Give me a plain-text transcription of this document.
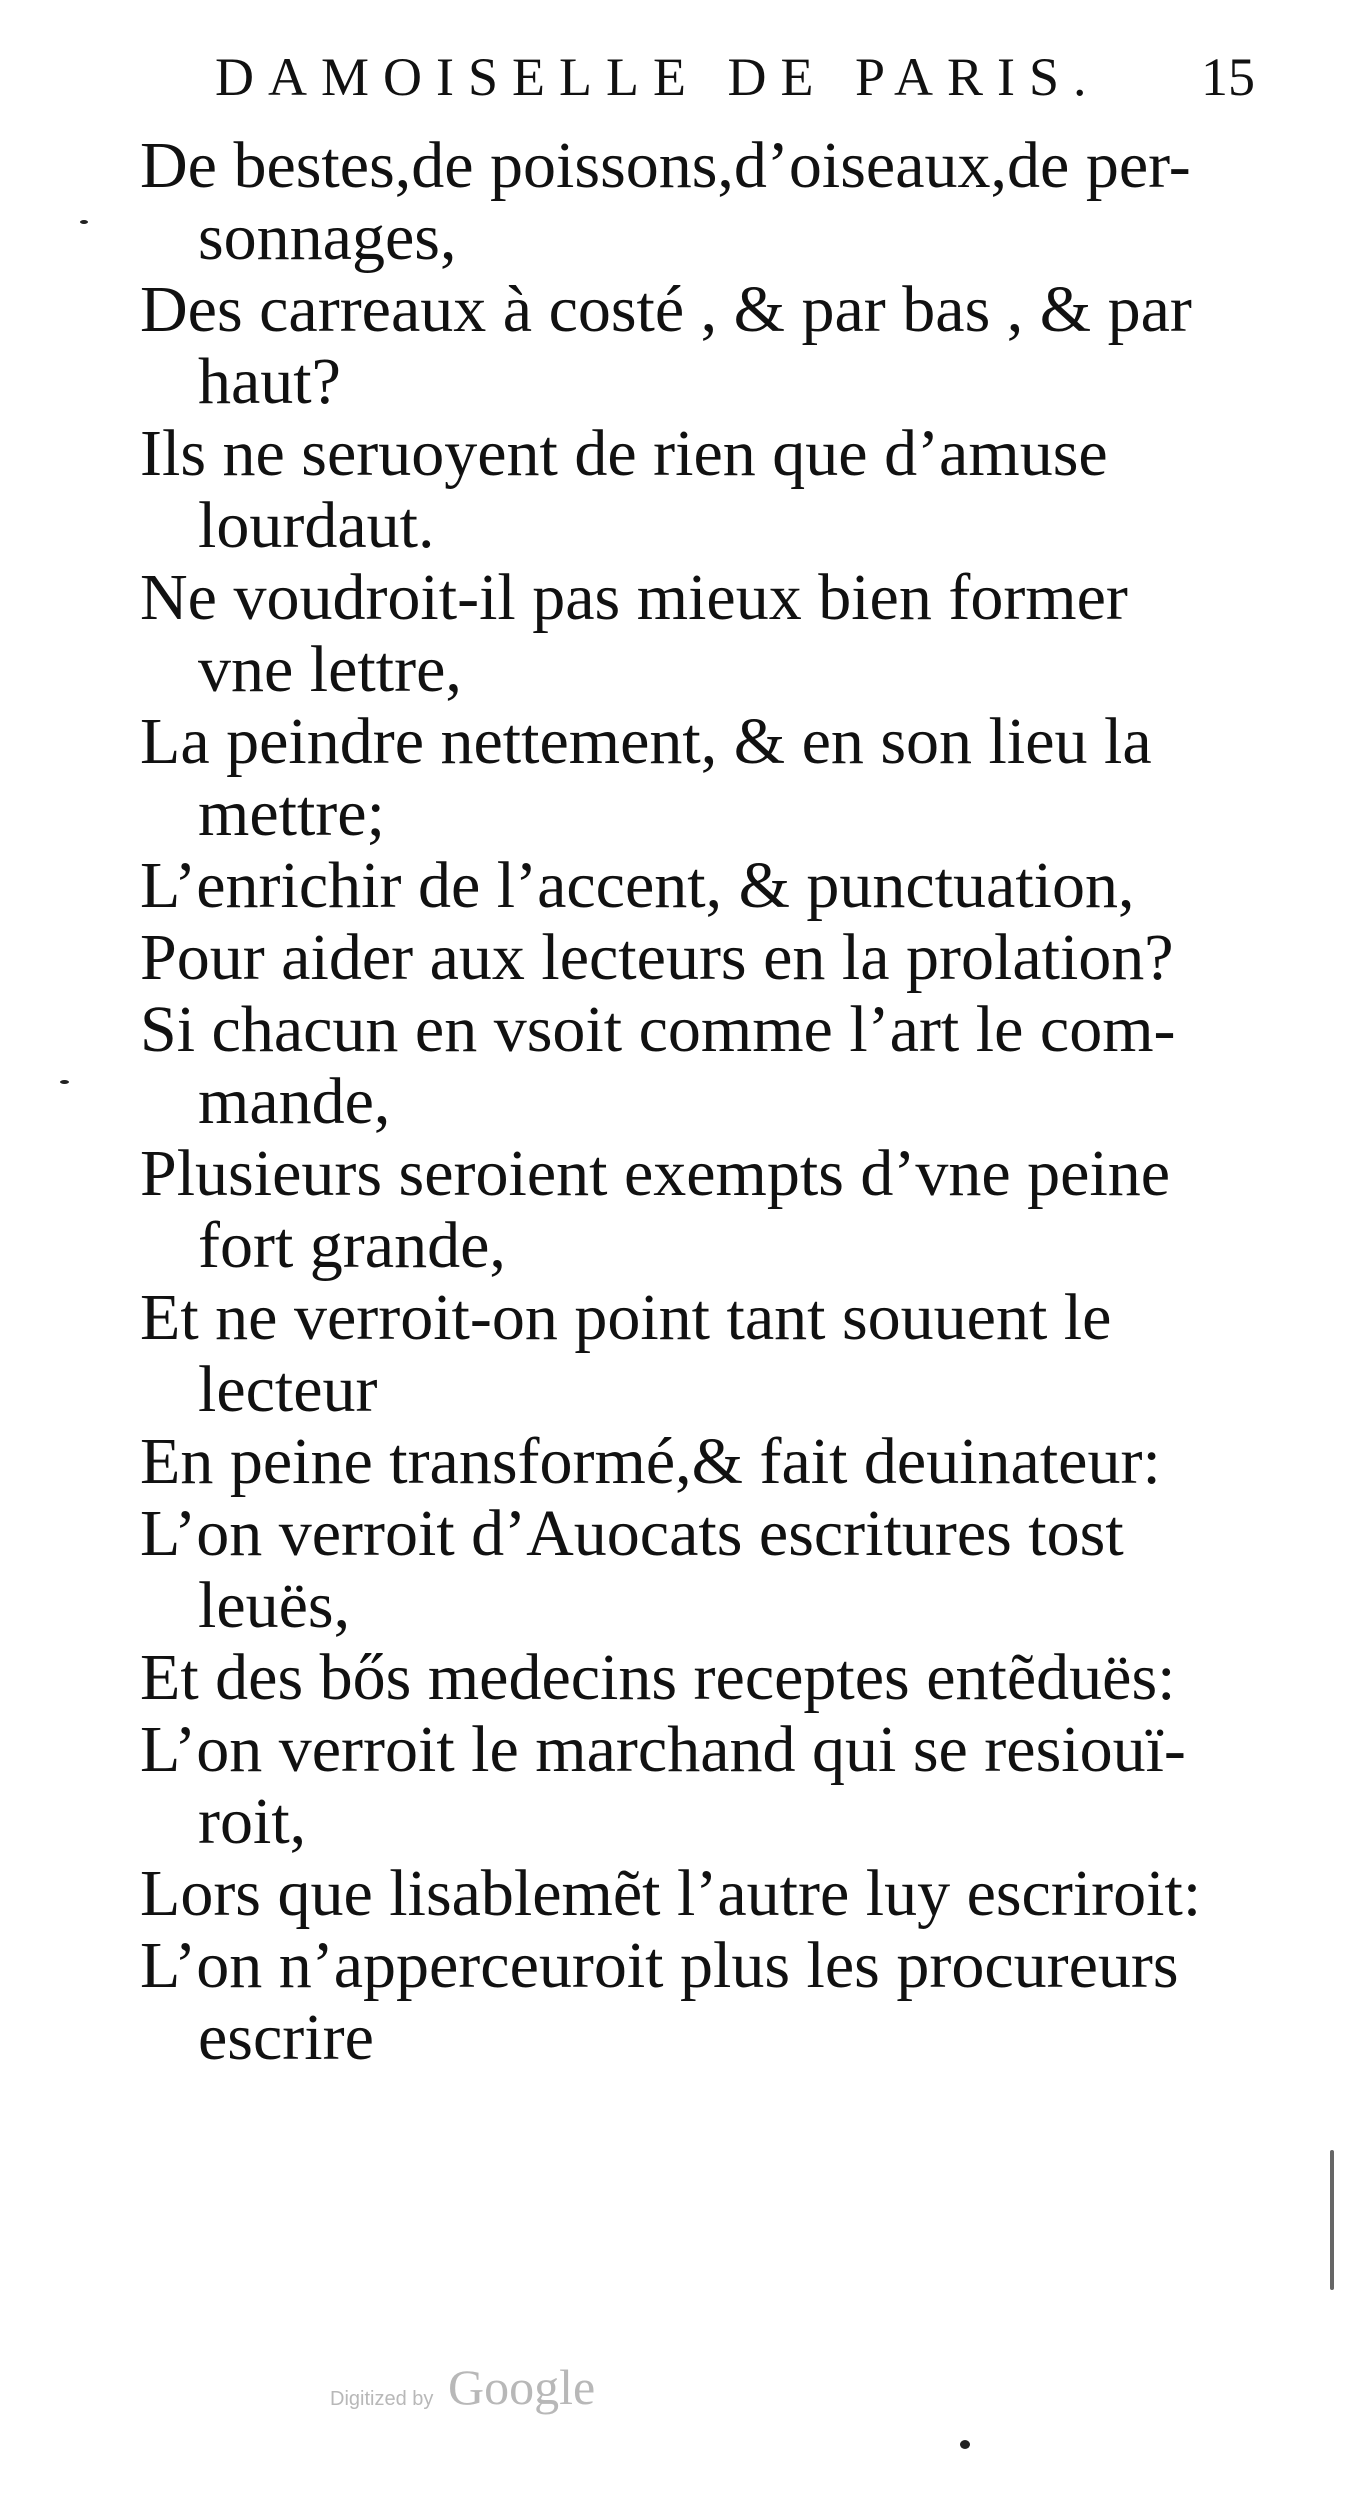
DAMOISELLE DE PARIS. 15
De bestes,de poissons,d’oiseaux,de per-
sonnages,
Des carreaux à costé , & par bas , & par
haut?
Ils ne seruoyent de rien que d’amuse
lourdaut.
Ne voudroit-il pas mieux bien former
vne lettre,
La peindre nettement, & en son lieu la
mettre;
L’enrichir de l’accent, & punctuation,
Pour aider aux lecteurs en la prolation?
Si chacun en vsoit comme l’art le com-
mande,
Plusieurs seroient exempts d’vne peine
fort grande,
Et ne verroit-on point tant souuent le
lecteur
En peine transformé,& fait deuinateur:
L’on verroit d’Auocats escritures tost
leuës,
Et des bős medecins receptes entẽduës:
L’on verroit le marchand qui se resiouï-
roit,
Lors que lisablemẽt l’autre luy escriroit:
L’on n’apperceuroit plus les procureurs
escrire
Digitized by Google
